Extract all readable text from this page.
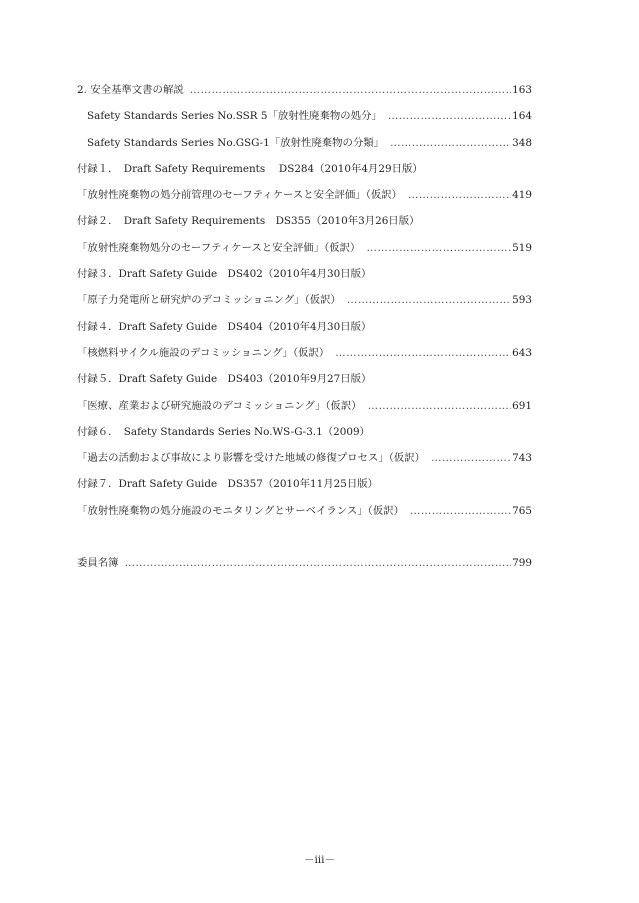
2. 安全基準文書の解説 …………………………………………………………………………………………………………………………………………………………………………	163
Safety Standards Series No.SSR 5「放射性廃棄物の処分」 …………………………………………………………………………………………………………………………………………………………………………	164
Safety Standards Series No.GSG-1「放射性廃棄物の分類」 …………………………………………………………………………………………………………………………………………………………………………	348
付録１．　Draft Safety Requirements　 DS284（2010年4月29日版）
「放射性廃棄物の処分前管理のセーフティケースと安全評価」（仮訳） …………………………………………………………………………………………………………………………………………………………………………	419
付録２．　Draft Safety Requirements　DS355（2010年3月26日版）
「放射性廃棄物処分のセーフティケースと安全評価」（仮訳） …………………………………………………………………………………………………………………………………………………………………………	519
付録３．Draft Safety Guide　DS402（2010年4月30日版）
「原子力発電所と研究炉のデコミッショニング」（仮訳） …………………………………………………………………………………………………………………………………………………………………………	593
付録４．Draft Safety Guide　DS404（2010年4月30日版）
「核燃料サイクル施設のデコミッショニング」（仮訳） …………………………………………………………………………………………………………………………………………………………………………	643
付録５．Draft Safety Guide　DS403（2010年9月27日版）
「医療、産業および研究施設のデコミッショニング」（仮訳） …………………………………………………………………………………………………………………………………………………………………………	691
付録６．　Safety Standards Series No.WS-G-3.1（2009）
「過去の活動および事故により影響を受けた地域の修復プロセス」（仮訳） …………………………………………………………………………………………………………………………………………………………………………	743
付録７．Draft Safety Guide　DS357（2010年11月25日版）
「放射性廃棄物の処分施設のモニタリングとサーベイランス」（仮訳） …………………………………………………………………………………………………………………………………………………………………………	765
委員名簿 …………………………………………………………………………………………………………………………………………………………………………	799
－iii－
